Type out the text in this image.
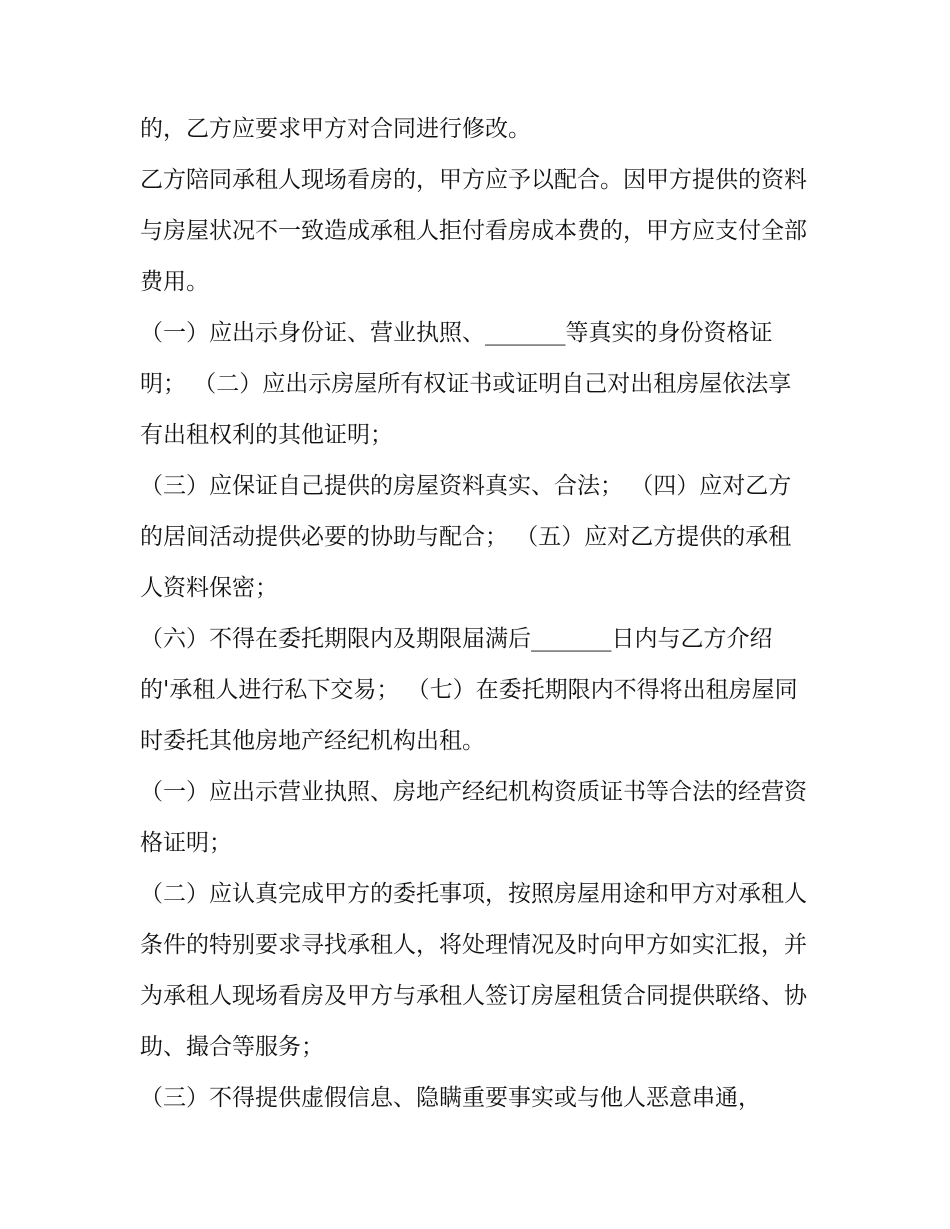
的，乙方应要求甲方对合同进行修改。

乙方陪同承租人现场看房的，甲方应予以配合。因甲方提供的资料与房屋状况不一致造成承租人拒付看房成本费的，甲方应支付全部费用。

（一）应出示身份证、营业执照、_______等真实的身份资格证明； （二）应出示房屋所有权证书或证明自己对出租房屋依法享有出租权利的其他证明；

（三）应保证自己提供的房屋资料真实、合法； （四）应对乙方的居间活动提供必要的协助与配合； （五）应对乙方提供的承租人资料保密；

（六）不得在委托期限内及期限届满后_______日内与乙方介绍的'承租人进行私下交易； （七）在委托期限内不得将出租房屋同时委托其他房地产经纪机构出租。

（一）应出示营业执照、房地产经纪机构资质证书等合法的经营资格证明；

（二）应认真完成甲方的委托事项，按照房屋用途和甲方对承租人条件的特别要求寻找承租人，将处理情况及时向甲方如实汇报，并为承租人现场看房及甲方与承租人签订房屋租赁合同提供联络、协助、撮合等服务；

（三）不得提供虚假信息、隐瞒重要事实或与他人恶意串通，
